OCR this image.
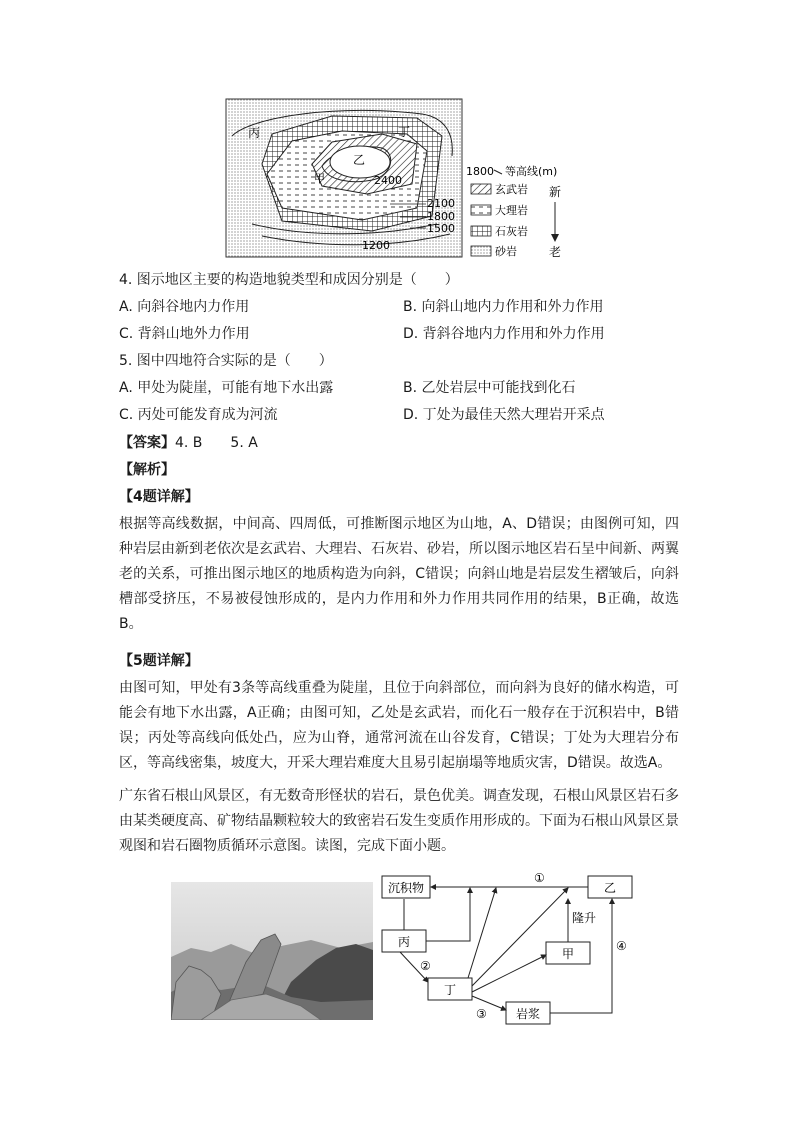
丙	丁
乙
甲	2400
2100
1800
1500
1200
1800 等高线(m)
玄武岩
大理岩
石灰岩
砂岩
新
老
4. 图示地区主要的构造地貌类型和成因分别是（　　）
A. 向斜谷地内力作用	B. 向斜山地内力作用和外力作用
C. 背斜山地外力作用	D. 背斜谷地内力作用和外力作用
5. 图中四地符合实际的是（　　）
A. 甲处为陡崖，可能有地下水出露	B. 乙处岩层中可能找到化石
C. 丙处可能发育成为河流	D. 丁处为最佳天然大理岩开采点
【答案】4. B　　5. A
【解析】
【4题详解】
根据等高线数据，中间高、四周低，可推断图示地区为山地，A、D错误；由图例可知，四种岩层由新到老依次是玄武岩、大理岩、石灰岩、砂岩，所以图示地区岩石呈中间新、两翼老的关系，可推出图示地区的地质构造为向斜，C错误；向斜山地是岩层发生褶皱后，向斜槽部受挤压，不易被侵蚀形成的，是内力作用和外力作用共同作用的结果，B正确，故选B。
【5题详解】
由图可知，甲处有3条等高线重叠为陡崖，且位于向斜部位，而向斜为良好的储水构造，可能会有地下水出露，A正确；由图可知，乙处是玄武岩，而化石一般存在于沉积岩中，B错误；丙处等高线向低处凸，应为山脊，通常河流在山谷发育，C错误；丁处为大理岩分布区，等高线密集，坡度大，开采大理岩难度大且易引起崩塌等地质灾害，D错误。故选A。
广东省石根山风景区，有无数奇形怪状的岩石，景色优美。调查发现，石根山风景区岩石多由某类硬度高、矿物结晶颗粒较大的致密岩石发生变质作用形成的。下面为石根山风景区景观图和岩石圈物质循环示意图。读图，完成下面小题。
沉积物	乙
丙
甲
丁
岩浆
①
②
③
④
隆升
